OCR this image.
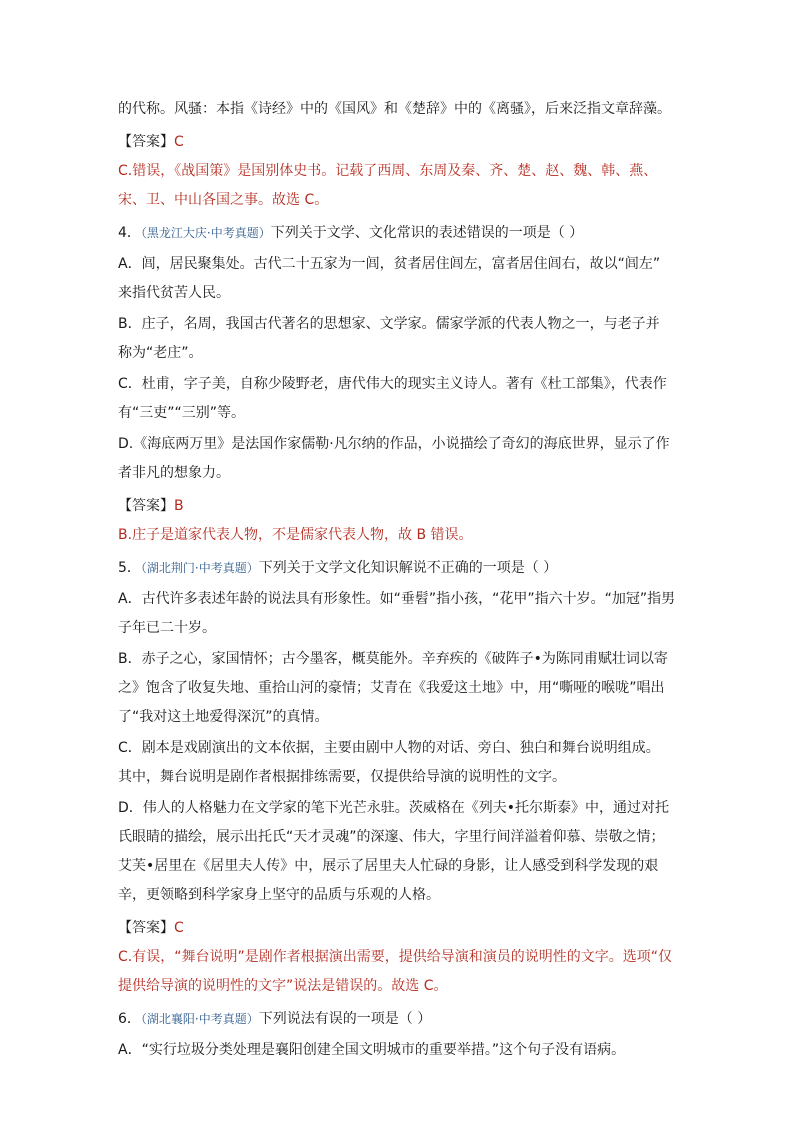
的代称。风骚：本指《诗经》中的《国风》和《楚辞》中的《离骚》，后来泛指文章辞藻。

【答案】C

C.错误，《战国策》是国别体史书。记载了西周、东周及秦、齐、楚、赵、魏、韩、燕、

宋、卫、中山各国之事。故选 C。

4．（黑龙江大庆·中考真题）下列关于文学、文化常识的表述错误的一项是（ ）

A．闾，居民聚集处。古代二十五家为一闾，贫者居住闾左，富者居住闾右，故以“闾左”

来指代贫苦人民。

B．庄子，名周，我国古代著名的思想家、文学家。儒家学派的代表人物之一，与老子并

称为“老庄”。

C．杜甫，字子美，自称少陵野老，唐代伟大的现实主义诗人。著有《杜工部集》，代表作

有“三吏”“三别”等。

D.《海底两万里》是法国作家儒勒·凡尔纳的作品，小说描绘了奇幻的海底世界，显示了作

者非凡的想象力。

【答案】B

B.庄子是道家代表人物，不是儒家代表人物，故 B 错误。

5．（湖北荆门·中考真题）下列关于文学文化知识解说不正确的一项是（ ）

A．古代许多表述年龄的说法具有形象性。如“垂髫”指小孩，“花甲”指六十岁。“加冠”指男

子年已二十岁。

B．赤子之心，家国情怀；古今墨客，概莫能外。辛弃疾的《破阵子•为陈同甫赋壮词以寄

之》饱含了收复失地、重拾山河的豪情；艾青在《我爱这土地》中，用“嘶哑的喉咙”唱出

了“我对这土地爱得深沉”的真情。

C．剧本是戏剧演出的文本依据，主要由剧中人物的对话、旁白、独白和舞台说明组成。

其中，舞台说明是剧作者根据排练需要，仅提供给导演的说明性的文字。

D．伟人的人格魅力在文学家的笔下光芒永驻。茨威格在《列夫•托尔斯泰》中，通过对托

氏眼睛的描绘，展示出托氏“天才灵魂”的深邃、伟大，字里行间洋溢着仰慕、崇敬之情；

艾芙•居里在《居里夫人传》中，展示了居里夫人忙碌的身影，让人感受到科学发现的艰

辛，更领略到科学家身上坚守的品质与乐观的人格。

【答案】C

C.有误，“舞台说明”是剧作者根据演出需要，提供给导演和演员的说明性的文字。选项“仅

提供给导演的说明性的文字”说法是错误的。故选 C。

6．（湖北襄阳·中考真题）下列说法有误的一项是（ ）

A．“实行垃圾分类处理是襄阳创建全国文明城市的重要举措。”这个句子没有语病。
